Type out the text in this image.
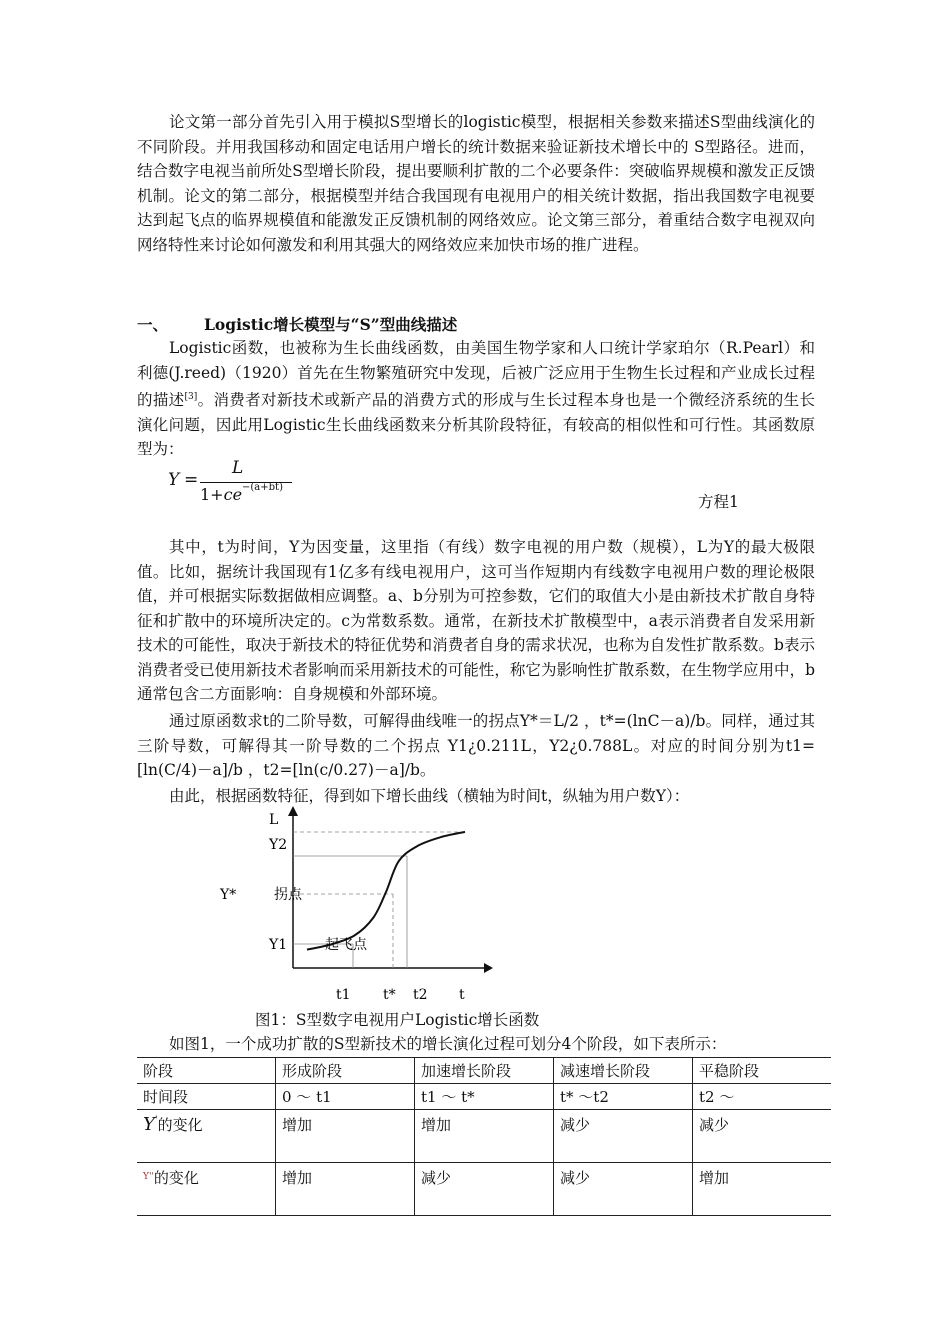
论文第一部分首先引入用于模拟S型增长的logistic模型，根据相关参数来描述S型曲线演化的不同阶段。并用我国移动和固定电话用户增长的统计数据来验证新技术增长中的 S型路径。进而，结合数字电视当前所处S型增长阶段，提出要顺利扩散的二个必要条件：突破临界规模和激发正反馈机制。论文的第二部分，根据模型并结合我国现有电视用户的相关统计数据，指出我国数字电视要达到起飞点的临界规模值和能激发正反馈机制的网络效应。论文第三部分，着重结合数字电视双向网络特性来讨论如何激发和利用其强大的网络效应来加快市场的推广进程。

一、 Logistic增长模型与“S”型曲线描述

Logistic函数，也被称为生长曲线函数，由美国生物学家和人口统计学家珀尔（R.Pearl）和利德(J.reed)（1920）首先在生物繁殖研究中发现，后被广泛应用于生物生长过程和产业成长过程的描述[3]。消费者对新技术或新产品的消费方式的形成与生长过程本身也是一个微经济系统的生长演化问题，因此用Logistic生长曲线函数来分析其阶段特征，有较高的相似性和可行性。其函数原型为：

Y =
L
$1+ce^{-(a+bt)}$
方程1

其中，t为时间，Y为因变量，这里指（有线）数字电视的用户数（规模），L为Y的最大极限值。比如，据统计我国现有1亿多有线电视用户，这可当作短期内有线数字电视用户数的理论极限值，并可根据实际数据做相应调整。a、b分别为可控参数，它们的取值大小是由新技术扩散自身特征和扩散中的环境所决定的。c为常数系数。通常，在新技术扩散模型中，a表示消费者自发采用新技术的可能性，取决于新技术的特征优势和消费者自身的需求状况，也称为自发性扩散系数。b表示消费者受已使用新技术者影响而采用新技术的可能性，称它为影响性扩散系数，在生物学应用中，b通常包含二方面影响：自身规模和外部环境。

通过原函数求t的二阶导数，可解得曲线唯一的拐点Y*＝L/2 ，t*=(lnC－a)/b。同样，通过其三阶导数，可解得其一阶导数的二个拐点 Y1¿0.211L，Y2¿0.788L。对应的时间分别为t1=[ln(C/4)－a]/b ，t2=[ln(c/0.27)－a]/b。

由此，根据函数特征，得到如下增长曲线（横轴为时间t，纵轴为用户数Y）：

L
Y2
Y*
Y1
拐点
起飞点
t1 t* t2 t
图1：S型数字电视用户Logistic增长函数

如图1，一个成功扩散的S型新技术的增长演化过程可划分4个阶段，如下表所示：

阶段	形成阶段	加速增长阶段	减速增长阶段	平稳阶段
时间段	0 ～ t1	t1 ～ t*	t* ～t2	t2 ～
Y'的变化	增加	增加	减少	减少
$^{Y''}$的变化	增加	减少	减少	增加
